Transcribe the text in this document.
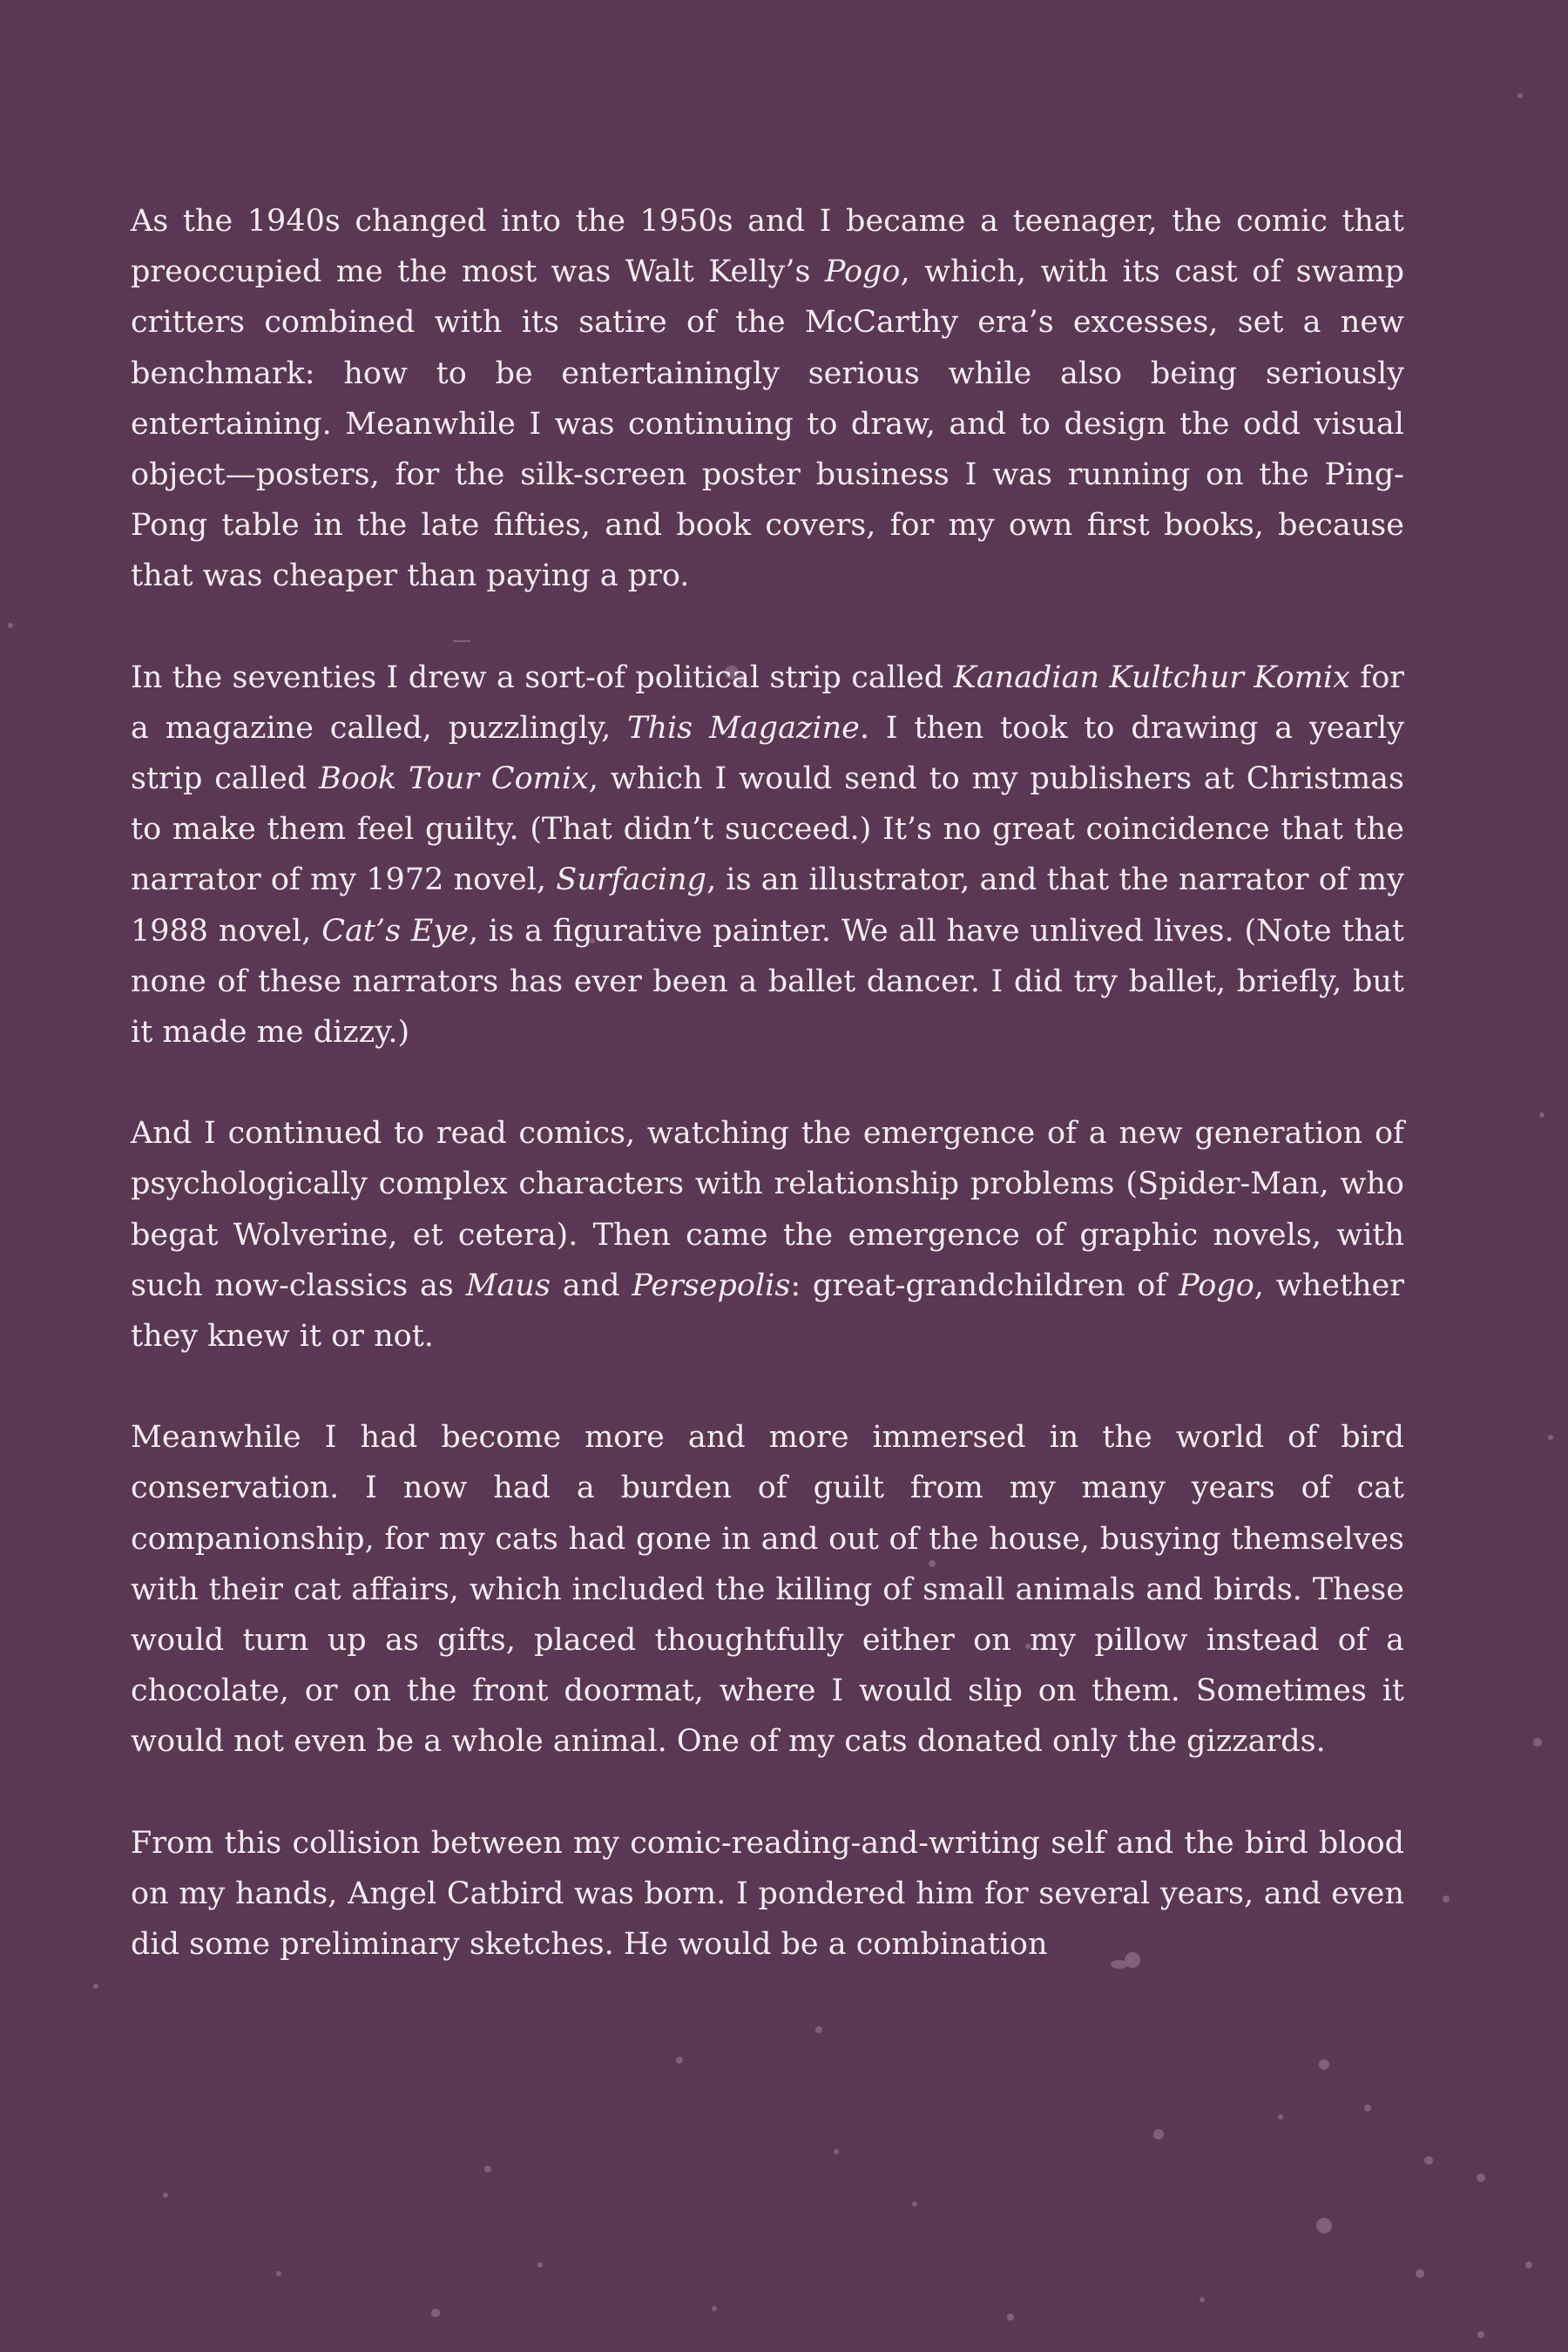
As the 1940s changed into the 1950s and I became a teenager, the comic that preoccupied me the most was Walt Kelly’s Pogo, which, with its cast of swamp critters combined with its satire of the McCarthy era’s excesses, set a new benchmark: how to be entertainingly serious while also being seriously entertaining. Meanwhile I was continuing to draw, and to design the odd visual object—posters, for the silk-screen poster business I was running on the Ping-Pong table in the late fifties, and book covers, for my own first books, because that was cheaper than paying a pro.

In the seventies I drew a sort-of political strip called Kanadian Kultchur Komix for a magazine called, puzzlingly, This Magazine. I then took to drawing a yearly strip called Book Tour Comix, which I would send to my publishers at Christmas to make them feel guilty. (That didn’t succeed.) It’s no great coincidence that the narrator of my 1972 novel, Surfacing, is an illustrator, and that the narrator of my 1988 novel, Cat’s Eye, is a figurative painter. We all have unlived lives. (Note that none of these narrators has ever been a ballet dancer. I did try ballet, briefly, but it made me dizzy.)

And I continued to read comics, watching the emergence of a new generation of psychologically complex characters with relationship problems (Spider-Man, who begat Wolverine, et cetera). Then came the emergence of graphic novels, with such now-classics as Maus and Persepolis: great-grandchildren of Pogo, whether they knew it or not.

Meanwhile I had become more and more immersed in the world of bird conservation. I now had a burden of guilt from my many years of cat companionship, for my cats had gone in and out of the house, busying themselves with their cat affairs, which included the killing of small animals and birds. These would turn up as gifts, placed thoughtfully either on my pillow instead of a chocolate, or on the front doormat, where I would slip on them. Sometimes it would not even be a whole animal. One of my cats donated only the gizzards.

From this collision between my comic-reading-and-writing self and the bird blood on my hands, Angel Catbird was born. I pondered him for several years, and even did some preliminary sketches. He would be a combination
